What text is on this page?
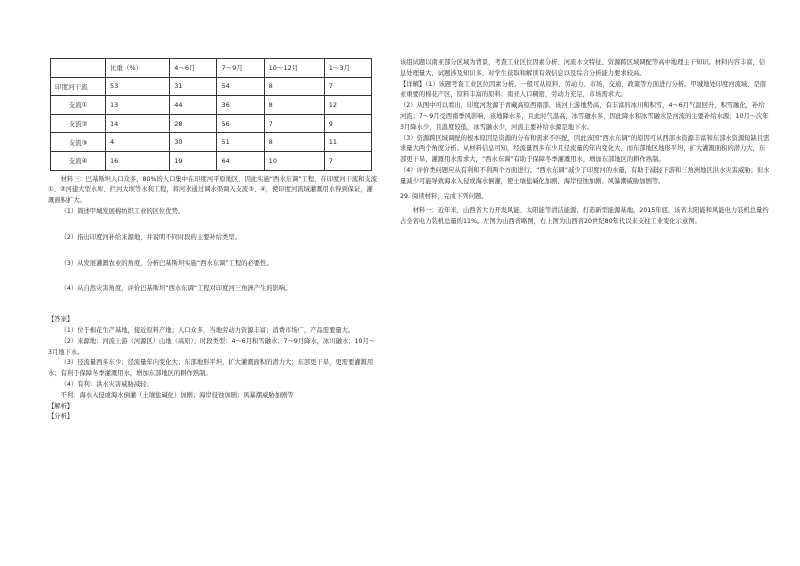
	比重（%）	4～6月	7～9月	10～12月	1～3月
印度河干流	53	31	54	8	7
支流①	13	44	36	8	12
支流②	14	28	56	7	9
支流③	4	30	51	8	11
支流④	16	19	64	10	7

材料三：巴基斯坦人口众多，80%的人口集中在印度河平原地区，因此实施“西水东调”工程，在印度河干流和支流①、②河建大型水库、拦河大坝等水利工程，将河水通过调水渠调入支流③、④，使印度河流域灌溉用水得到保证，灌溉面积扩大。

（1）简述甲城发展棉纺织工业的区位优势。

（2）指出印度河补给来源地，并说明不同时段的主要补给类型。

（3）从发展灌溉农业的角度，分析巴基斯坦实施“西水东调”工程的必要性。

（4）从自然灾害角度，评价巴基斯坦“西水东调”工程对印度河三角洲产生的影响。

【答案】

（1）位于棉花生产基地，接近原料产地；人口众多，当地劳动力资源丰富；消费市场广，产品需要量大。

（2）来源地：河流上游（河源区）山地（高原）；时段类型：4～6月积雪融水；7～9月降水，冰川融水；10月～3月地下水。

（3）径流量西多东少；径流量年内变化大；东部地形平坦，扩大灌溉面积的潜力大；东部更干旱，更需要灌溉用水；有利于保障冬季灌溉用水，增加东部地区的耕作熟制。

（4）有利：洪水灾害威胁减轻；

不利：海水入侵或海水倒灌（土壤盐碱化）加剧；海岸侵蚀加剧；风暴潮威胁加剧等

【解析】

【分析】

该组试题以南亚部分区域为背景，考查工业区位因素分析、河流水文特征、资源跨区域调配等高中地理主干知识。材料内容丰富，信息处理量大，试题涉及知识多，对学生获取和解读有效信息以及综合分析能力要求较高。

【详解】（1）该题考查工业区位因素分析。一般可从原料、劳动力、市场、交通、政策等方面进行分析。甲城地处印度河流域，是南亚重要的棉花产区，原料丰富的原料；南亚人口稠密，劳动力充足，市场需求大。

（2）从图中可以看出，印度河发源于青藏高原西南部，该河上游地势高，有丰富的冰川和积雪，4～6月气温回升，积雪融化，补给河流；7～9月受西南季风影响，该地降水多，且此时气温高，冰雪融水多，因此降水和冰雪融水是河流的主要补给水源；10月～次年3月降水少，且温度较低，冰雪融水少，河流主要补给水源是地下水。

（3）资源跨区域调配的根本原因是资源的分布和需求不匹配，因此该国“西水东调”的原因可从西部水资源丰富和东部水资源短缺且需求量大两个角度分析。从材料信息可知，经流量西多东少且径流量的年内变化大，而东部地区地形平坦，扩大灌溉面积的潜力大，东部更干旱，灌溉用水需求大，“西水东调”有助于保障冬季灌溉用水，增加东部地区的耕作熟制。

（4）评价类问题应从有利和不利两个方面进行。“西水东调”减少了印度河的水量，有助于减轻下游和三角洲地区洪水灾害威胁；但水量减少可能导致海水入侵或海水倒灌，使土壤盐碱化加剧、海岸侵蚀加剧、风暴潮威胁加剧等。

29. 阅读材料，完成下列问题。

材料一：近年来，山西省大力开发风能、太阳能等清洁能源，打造新型能源基地。2015年底，该省太阳能和风能电力装机总量约占全省电力装机总量的11%。左图为山西省略图，右上图为山西省20世纪80年代以来支柱工业变化示意图。
